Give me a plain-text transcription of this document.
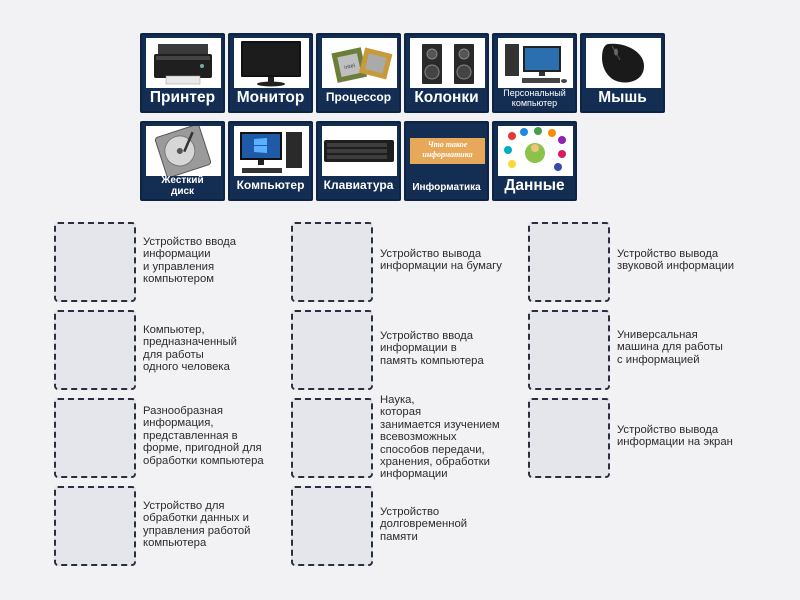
Принтер	Монитор
intel
Процессор	Колонки	Персональный компьютер	Мышь
Жесткий диск	Компьютер	Клавиатура
Что такое информатика
Информатика	Данные
Устройство ввода
информации
и управления
компьютером
Компьютер,
предназначенный
для работы
одного человека
Разнообразная
информация,
представленная в
форме, пригодной для
обработки компьютера
Устройство для
обработки данных и
управления работой
компьютера
Устройство вывода
информации на бумагу
Устройство ввода
информации в
память компьютера
Наука,
которая
занимается изучением
всевозможных
способов передачи,
хранения, обработки
информации
Устройство
долговременной
памяти
Устройство вывода
звуковой информации
Универсальная
машина для работы
с информацией
Устройство вывода
информации на экран
